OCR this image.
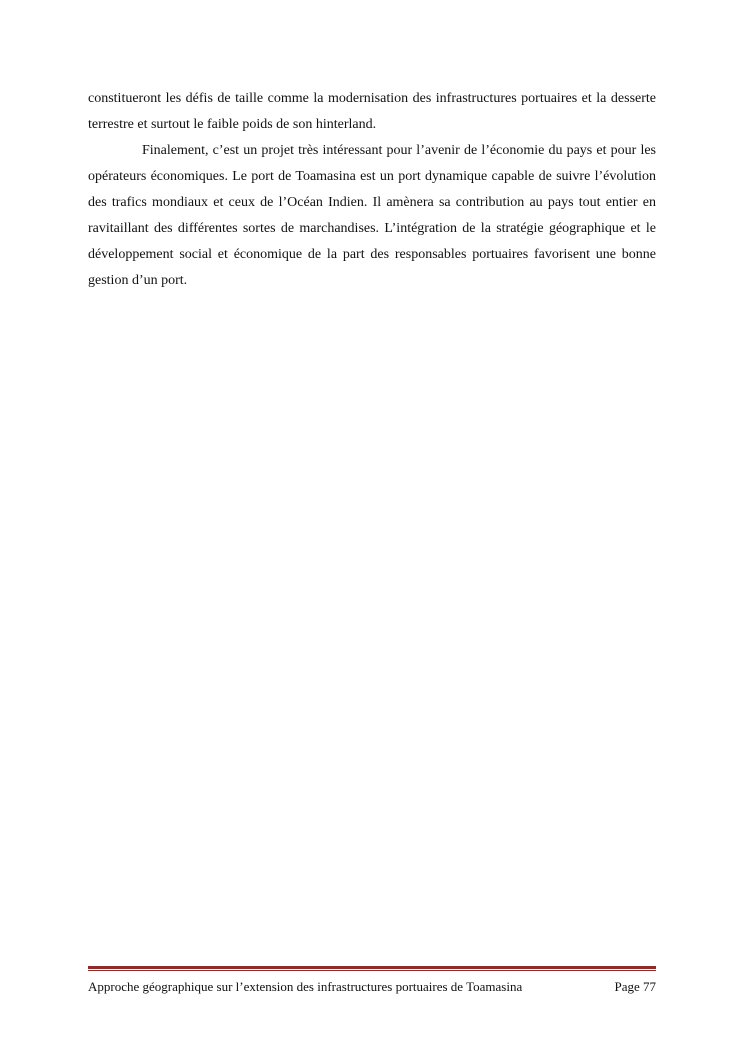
constitueront les défis de taille comme la modernisation des infrastructures portuaires et la desserte terrestre et surtout le faible poids de son hinterland.

Finalement, c’est un projet très intéressant pour l’avenir de l’économie du pays et pour les opérateurs économiques. Le port de Toamasina est un port dynamique capable de suivre l’évolution des trafics mondiaux et ceux de l’Océan Indien. Il amènera sa contribution au pays tout entier en ravitaillant des différentes sortes de marchandises. L’intégration de la stratégie géographique et le développement social et économique de la part des responsables portuaires favorisent une bonne gestion d’un port.

Approche géographique sur l’extension des infrastructures portuaires de Toamasina	Page 77
